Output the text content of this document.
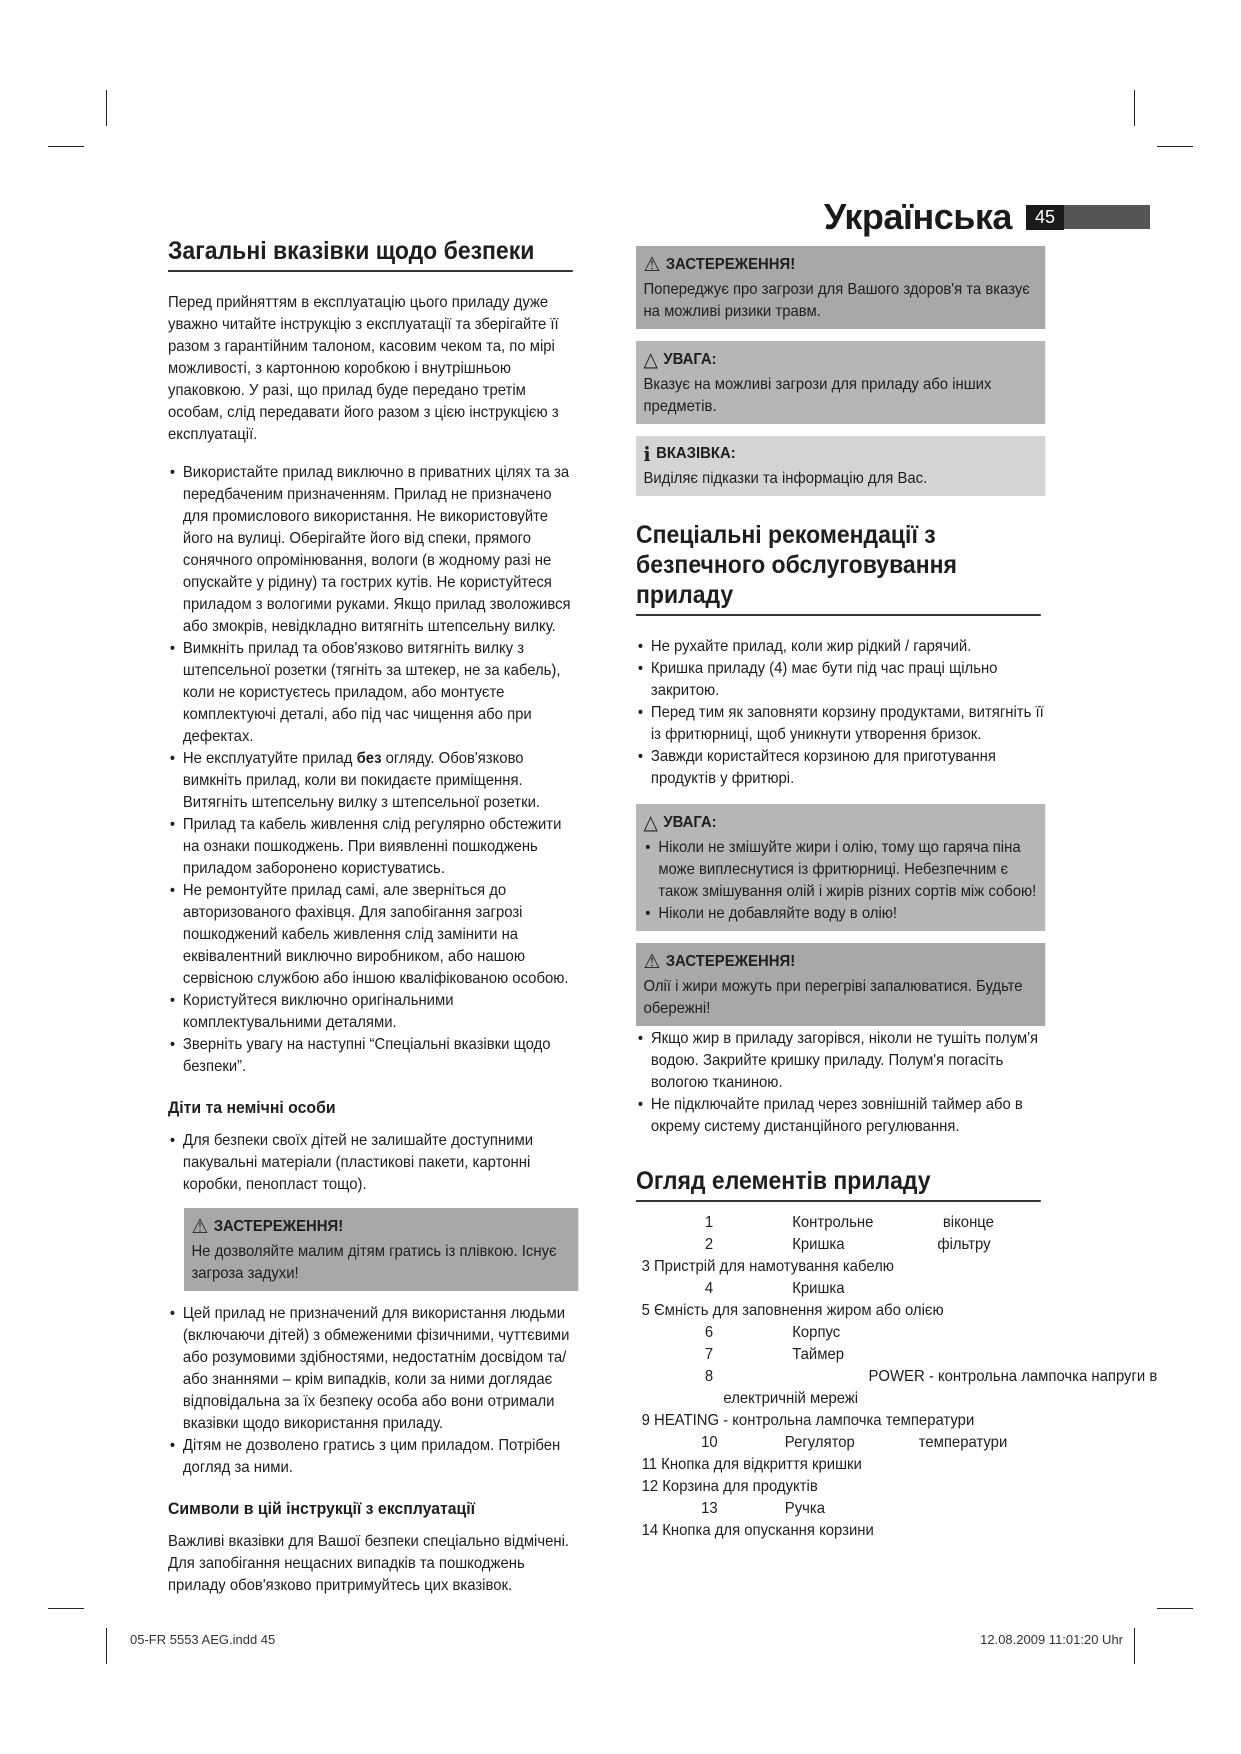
Українська	45
Загальні вказівки щодо безпеки

Перед прийняттям в експлуатацію цього приладу дуже уважно читайте інструкцію з експлуатації та зберігайте її разом з гарантійним талоном, касовим чеком та, по мірі можливості, з картонною коробкою і внутрішньою упаковкою. У разі, що прилад буде передано третім особам, слід передавати його разом з цією інструкцією з експлуатації.

• Використайте прилад виключно в приватних цілях та за передбаченим призначенням. Прилад не призначено для промислового використання. Не використовуйте його на вулиці. Оберігайте його від спеки, прямого сонячного опромінювання, вологи (в жодному разі не опускайте у рідину) та гострих кутів. Не користуйтеся приладом з вологими руками. Якщо прилад зволожився або змокрів, невідкладно витягніть штепсельну вилку.
• Вимкніть прилад та обов'язково витягніть вилку з штепсельної розетки (тягніть за штекер, не за кабель), коли не користуєтесь приладом, або монтуєте комплектуючі деталі, або під час чищення або при дефектах.
• Не експлуатуйте прилад без огляду. Обов'язково вимкніть прилад, коли ви покидаєте приміщення. Витягніть штепсельну вилку з штепсельної розетки.
• Прилад та кабель живлення слід регулярно обстежити на ознаки пошкоджень. При виявленні пошкоджень приладом заборонено користуватись.
• Не ремонтуйте прилад самі, але зверніться до авторизованого фахівця. Для запобігання загрозі пошкоджений кабель живлення слід замінити на еквівалентний виключно виробником, або нашою сервісною службою або іншою кваліфікованою особою.
• Користуйтеся виключно оригінальними комплектувальними деталями.
• Зверніть увагу на наступні “Спеціальні вказівки щодо безпеки”.
Діти та немічні особи
• Для безпеки своїх дітей не залишайте доступними пакувальні матеріали (пластикові пакети, картонні коробки, пенопласт тощо).
⚠ ЗАСТЕРЕЖЕННЯ!

Не дозволяйте малим дітям гратись із плівкою. Існує загроза задухи!

• Цей прилад не призначений для використання людьми (включаючи дітей) з обмеженими фізичними, чуттєвими або розумовими здібностями, недостатнім досвідом та/ або знаннями – крім випадків, коли за ними доглядає відповідальна за їх безпеку особа або вони отримали вказівки щодо використання приладу.
• Дітям не дозволено гратись з цим приладом. Потрібен догляд за ними.
Символи в цій інструкції з експлуатації

Важливі вказівки для Вашої безпеки спеціально відмічені. Для запобігання нещасних випадків та пошкоджень приладу обов'язково притримуйтесь цих вказівок.

⚠ ЗАСТЕРЕЖЕННЯ!

Попереджує про загрози для Вашого здоров'я та вказує на можливі ризики травм.

△ УВАГА:

Вказує на можливі загрози для приладу або інших предметів.

i ВКАЗІВКА:

Виділяє підказки та інформацію для Вас.

Спеціальні рекомендації з безпечного обслуговування приладу
• Не рухайте прилад, коли жир рідкий / гарячий.
• Кришка приладу (4) має бути під час праці щільно закритою.
• Перед тим як заповняти корзину продуктами, витягніть її із фритюрниці, щоб уникнути утворення бризок.
• Завжди користайтеся корзиною для приготування продуктів у фритюрі.
△ УВАГА:
• Ніколи не змішуйте жири і олію, тому що гаряча піна може виплеснутися із фритюрниці. Небезпечним є також змішування олій і жирів різних сортів між собою!
• Ніколи не добавляйте воду в олію!
⚠ ЗАСТЕРЕЖЕННЯ!

Олії і жири можуть при перегріві запалюватися. Будьте обережні!

• Якщо жир в приладу загорівся, ніколи не тушіть полум'я водою. Закрийте кришку приладу. Полум'я погасіть вологою тканиною.
• Не підключайте прилад через зовнішній таймер або в окрему систему дистанційного регулювання.
Огляд елементів приладу
1	Контрольне	віконце
2	Кришка	фільтру
3 Пристрій для намотування кабелю
4	Кришка
5 Ємність для заповнення жиром або олією
6	Корпус
7	Таймер
8	POWER - контрольна лампочка напруги в
електричній мережі
9 HEATING - контрольна лампочка температури
10	Регулятор	температури
11 Кнопка для відкриття кришки
12 Корзина для продуктів
13	Ручка
14 Кнопка для опускання корзини
05-FR 5553 AEG.indd 45	12.08.2009 11:01:20 Uhr
